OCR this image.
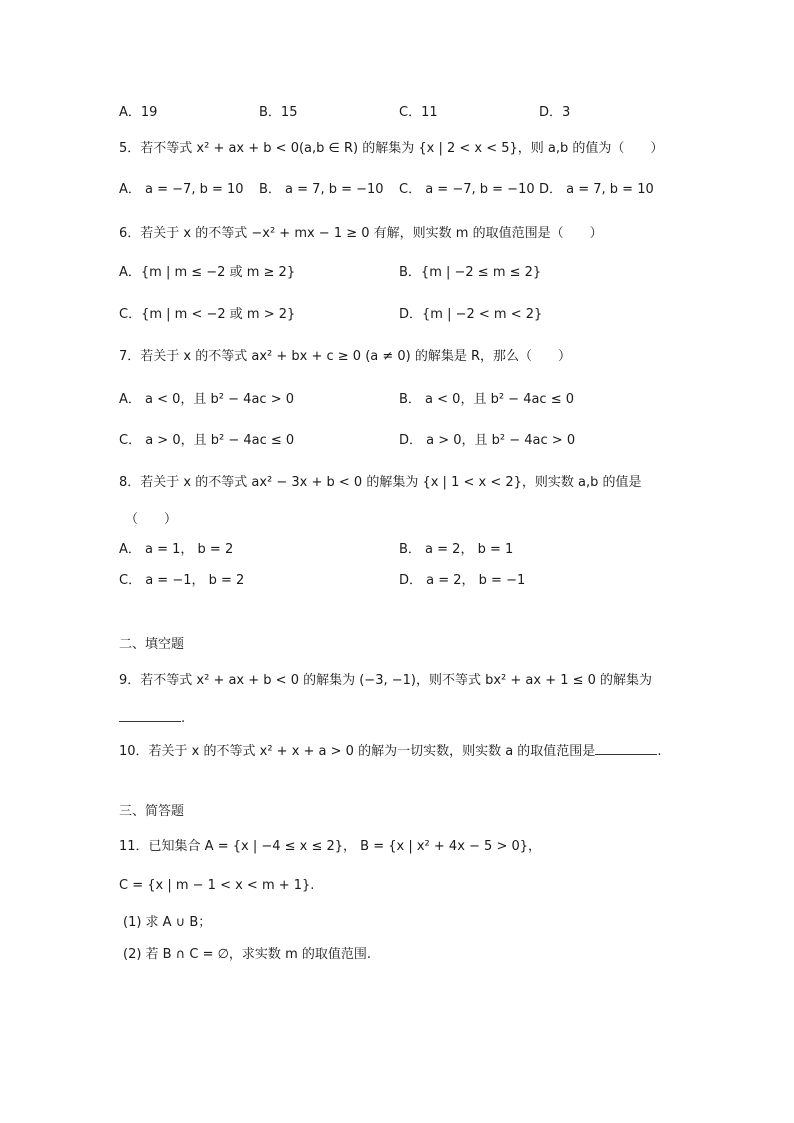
A．19	B．15	C．11	D．3
5．若不等式 x² + ax + b < 0(a,b ∈ R) 的解集为 {x | 2 < x < 5}，则 a,b 的值为（　　）
A． a = −7, b = 10 B． a = 7, b = −10 C． a = −7, b = −10 D． a = 7, b = 10
6．若关于 x 的不等式 −x² + mx − 1 ≥ 0 有解，则实数 m 的取值范围是（　　）
A．{m | m ≤ −2 或 m ≥ 2}	B．{m | −2 ≤ m ≤ 2}
C．{m | m < −2 或 m > 2}	D．{m | −2 < m < 2}
7．若关于 x 的不等式 ax² + bx + c ≥ 0 (a ≠ 0) 的解集是 R，那么（　　）
A． a < 0，且 b² − 4ac > 0	B． a < 0，且 b² − 4ac ≤ 0
C． a > 0，且 b² − 4ac ≤ 0	D． a > 0，且 b² − 4ac > 0
8．若关于 x 的不等式 ax² − 3x + b < 0 的解集为 {x | 1 < x < 2}，则实数 a,b 的值是
（　　）
A． a = 1， b = 2	B． a = 2， b = 1
C． a = −1， b = 2	D． a = 2， b = −1
二、填空题
9．若不等式 x² + ax + b < 0 的解集为 (−3, −1)，则不等式 bx² + ax + 1 ≤ 0 的解集为
.
10．若关于 x 的不等式 x² + x + a > 0 的解为一切实数，则实数 a 的取值范围是	.
三、简答题
11．已知集合 A = {x | −4 ≤ x ≤ 2}， B = {x | x² + 4x − 5 > 0}，
C = {x | m − 1 < x < m + 1}.
(1) 求 A ∪ B；
(2) 若 B ∩ C = ∅，求实数 m 的取值范围.
